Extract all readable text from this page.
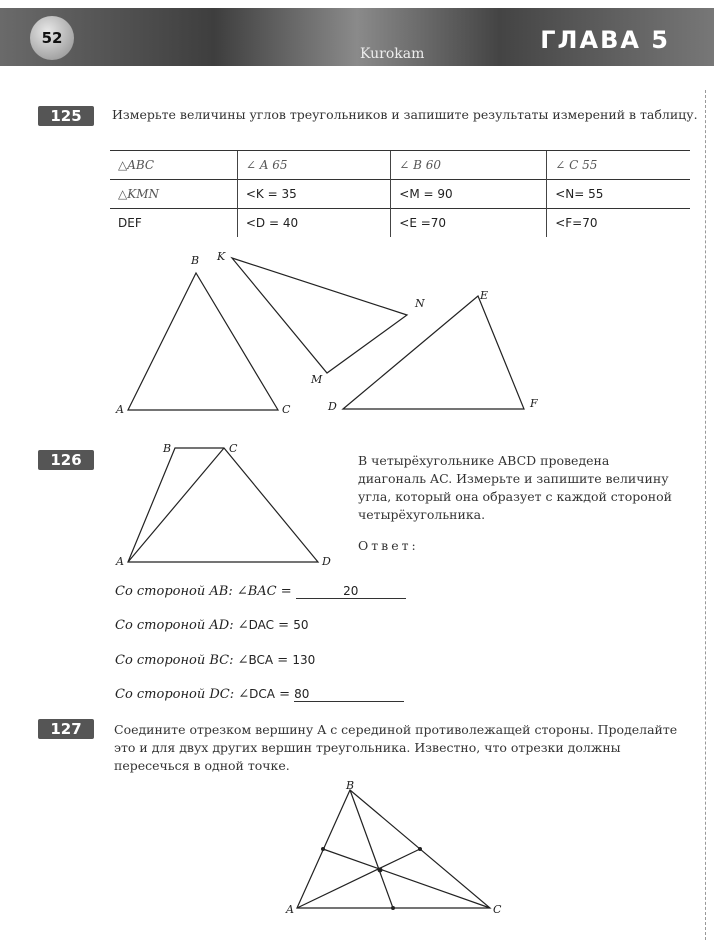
52
Kurokam	ГЛАВА 5
125	Измерьте величины углов треугольников и запишите результаты измерений в таблицу.
△ABC	∠ A 65	∠ B 60	∠ C 55
△KMN	<K = 35	<M = 90	<N= 55
DEF	<D = 40	<E =70	<F=70
A
B
C
K
M
N
D
E
F
A
B	C
D
A
B
C
126	В четырёхугольнике ABCD проведена диагональ AC. Измерьте и запишите величину угла, который она образует с каждой стороной четырёхугольника.
Ответ:
Со стороной AB: ∠BAC =	20
Со стороной AD: ∠DAC = 50
Со стороной BC: ∠BCA = 130
Со стороной DC: ∠DCA = 80
127	Соедините отрезком вершину A с серединой противолежащей стороны. Проделайте это и для двух других вершин треугольника. Известно, что отрезки должны пересечься в одной точке.
